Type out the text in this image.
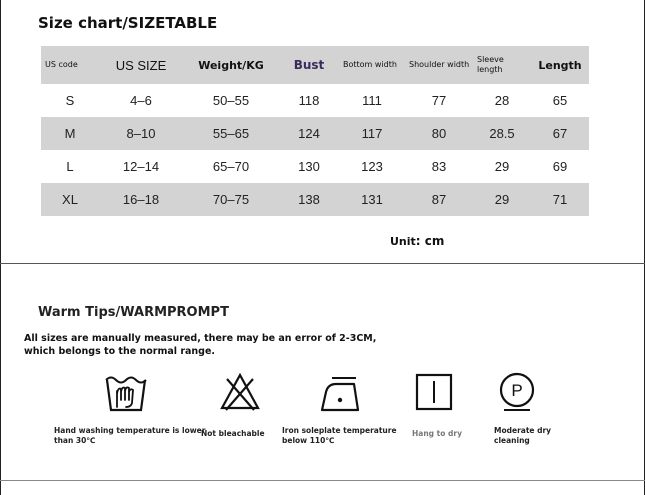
Size chart/SIZETABLE
US code	US SIZE	Weight/KG	Bust	Bottom width	Shoulder width	Sleeve length	Length
S	4–6	50–55	118	111	77	28	65
M	8–10	55–65	124	117	80	28.5	67
L	12–14	65–70	130	123	83	29	69
XL	16–18	70–75	138	131	87	29	71
Unit: cm
Warm Tips/WARMPROMPT
All sizes are manually measured, there may be an error of 2-3CM,
which belongs to the normal range.
P
Hand washing temperature is lower
than 30℃
Not bleachable Iron soleplate temperature
below 110℃
Hang to dry	Moderate dry
cleaning
